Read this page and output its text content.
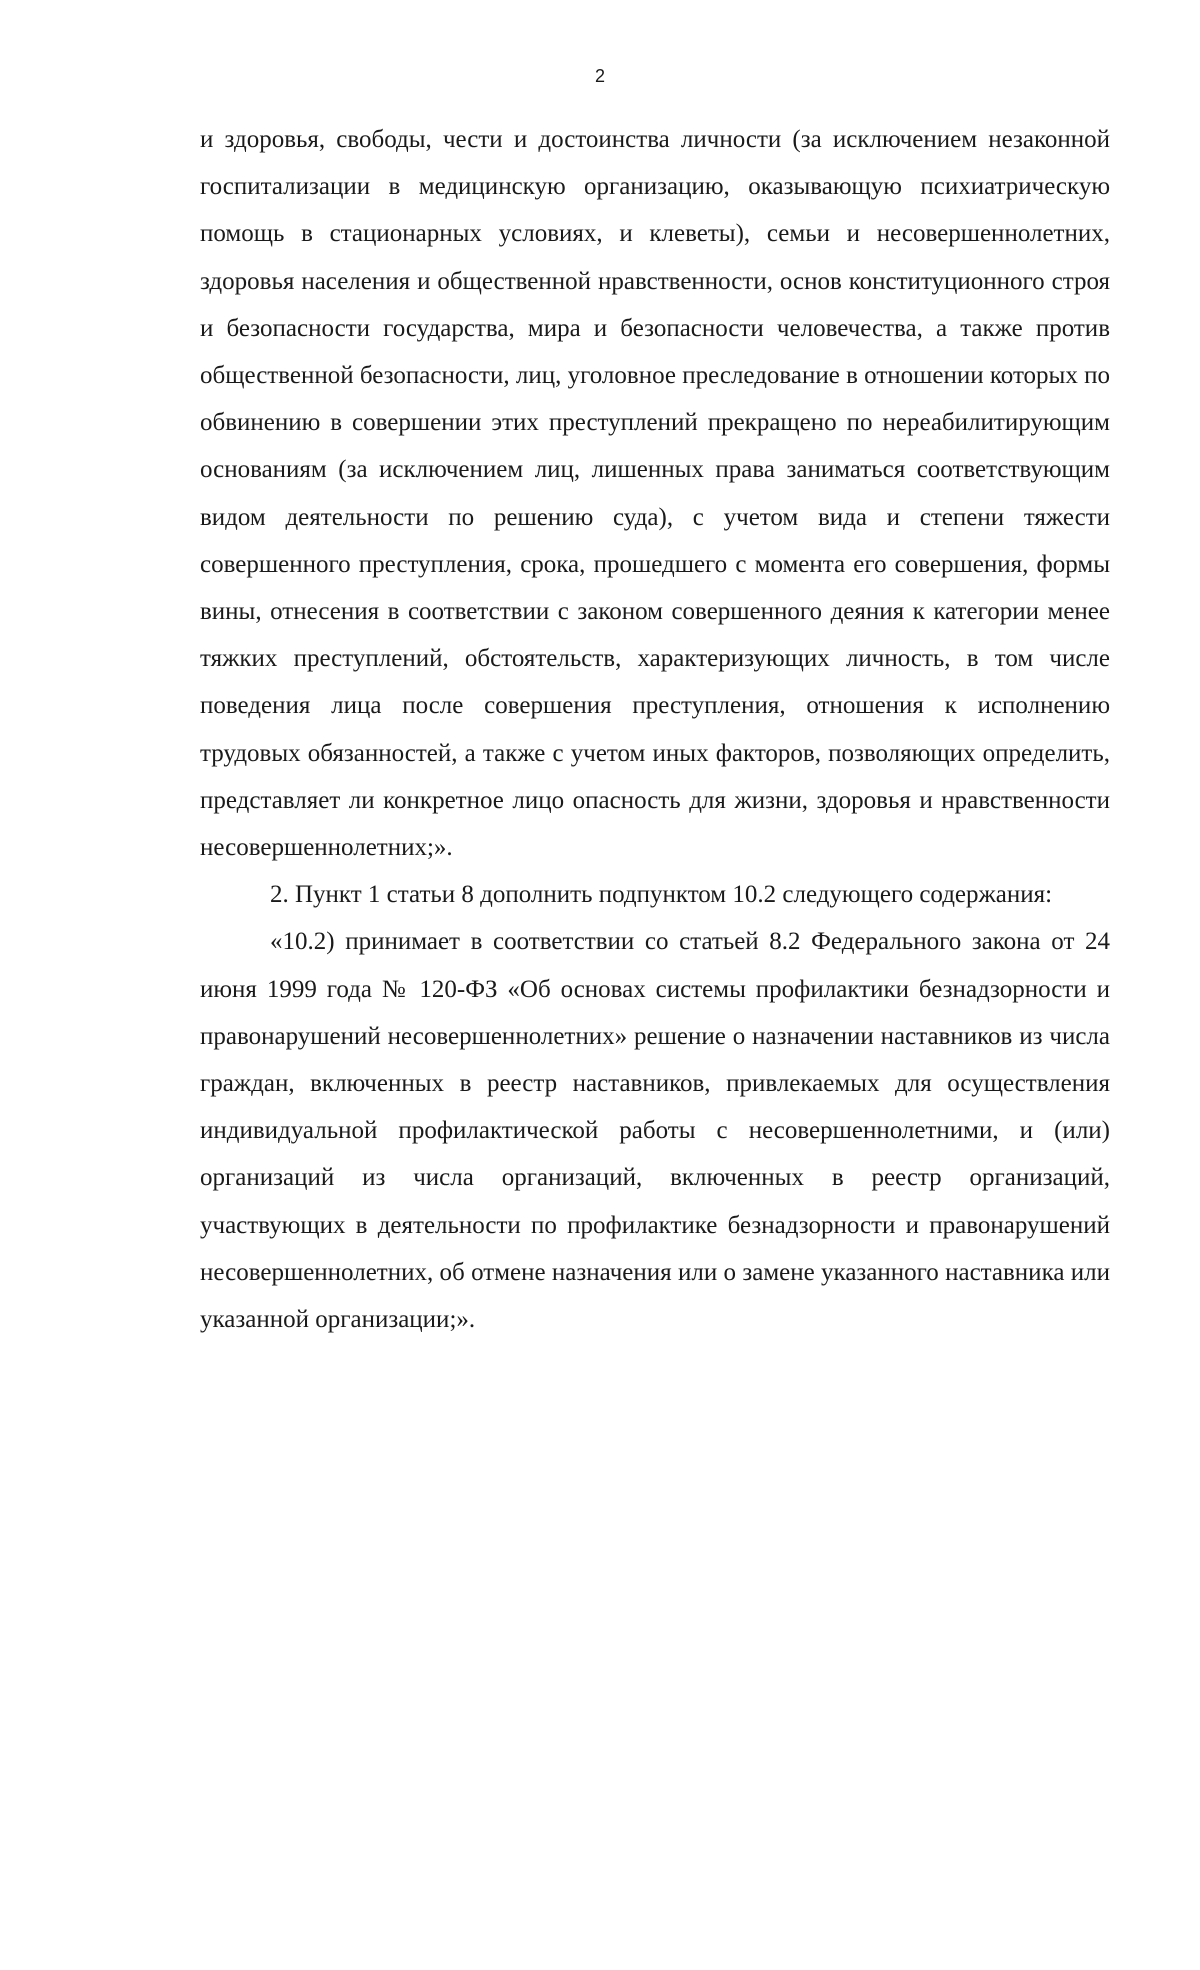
2

и здоровья, свободы, чести и достоинства личности (за исключением незаконной госпитализации в медицинскую организацию, оказывающую психиатрическую помощь в стационарных условиях, и клеветы), семьи и несовершеннолетних, здоровья населения и общественной нравственности, основ конституционного строя и безопасности государства, мира и безопасности человечества, а также против общественной безопасности, лиц, уголовное преследование в отношении которых по обвинению в совершении этих преступлений прекращено по нереабилитирующим основаниям (за исключением лиц, лишенных права заниматься соответствующим видом деятельности по решению суда), с учетом вида и степени тяжести совершенного преступления, срока, прошедшего с момента его совершения, формы вины, отнесения в соответствии с законом совершенного деяния к категории менее тяжких преступлений, обстоятельств, характеризующих личность, в том числе поведения лица после совершения преступления, отношения к исполнению трудовых обязанностей, а также с учетом иных факторов, позволяющих определить, представляет ли конкретное лицо опасность для жизни, здоровья и нравственности несовершеннолетних;».

2. Пункт 1 статьи 8 дополнить подпунктом 10.2 следующего содержания:

«10.2) принимает в соответствии со статьей 8.2 Федерального закона от 24 июня 1999 года № 120-ФЗ «Об основах системы профилактики безнадзорности и правонарушений несовершеннолетних» решение о назначении наставников из числа граждан, включенных в реестр наставников, привлекаемых для осуществления индивидуальной профилактической работы с несовершеннолетними, и (или) организаций из числа организаций, включенных в реестр организаций, участвующих в деятельности по профилактике безнадзорности и правонарушений несовершеннолетних, об отмене назначения или о замене указанного наставника или указанной организации;».
